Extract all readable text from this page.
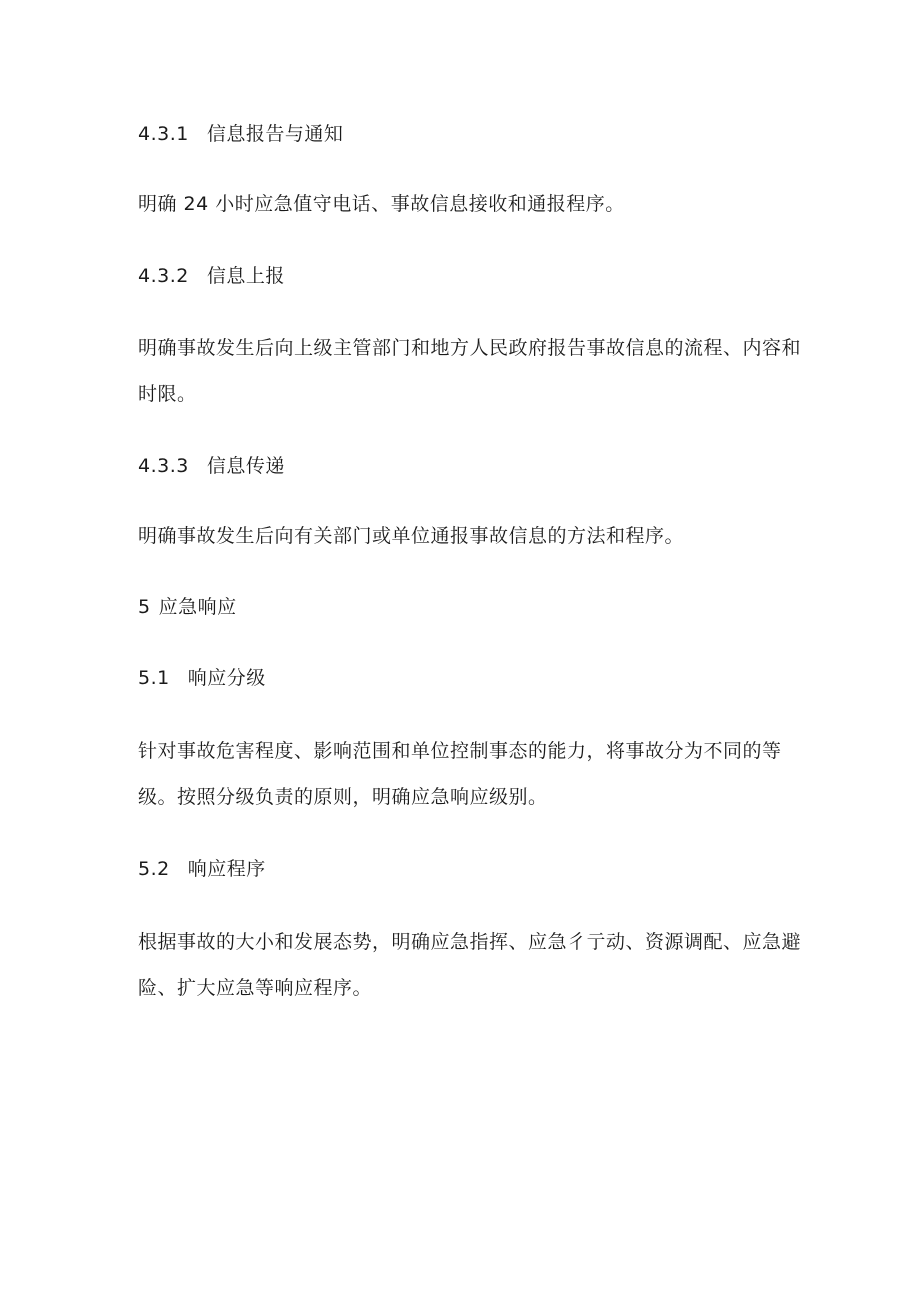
4.3.1 信息报告与通知
明确 24 小时应急值守电话、事故信息接收和通报程序。
4.3.2 信息上报
明确事故发生后向上级主管部门和地方人民政府报告事故信息的流程、内容和
时限。
4.3.3 信息传递
明确事故发生后向有关部门或单位通报事故信息的方法和程序。
5 应急响应
5.1 响应分级
针对事故危害程度、影响范围和单位控制事态的能力，将事故分为不同的等
级。按照分级负责的原则，明确应急响应级别。
5.2 响应程序
根据事故的大小和发展态势，明确应急指挥、应急彳亍动、资源调配、应急避
险、扩大应急等响应程序。
